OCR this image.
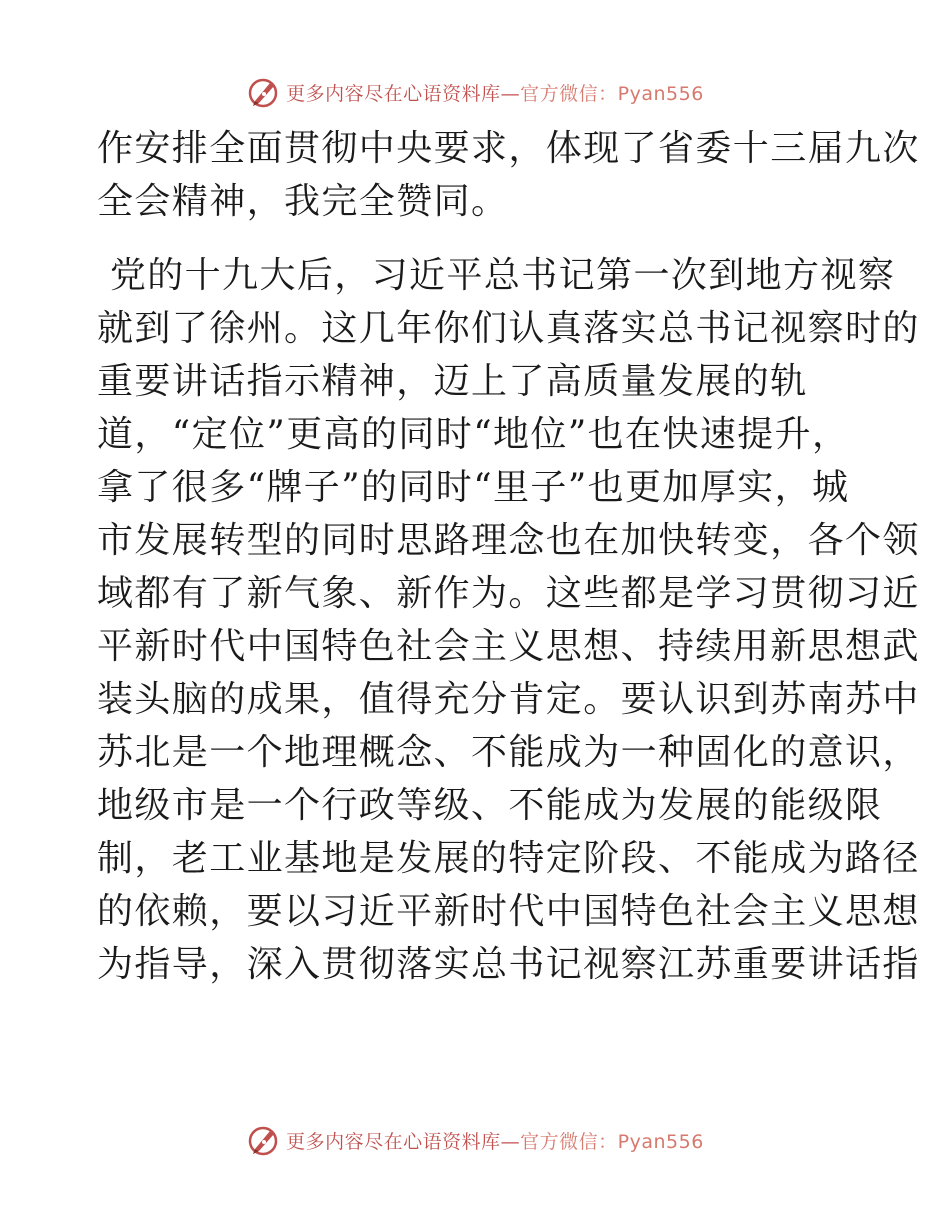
更多内容尽在心语资料库—官方微信：Pyan556
作安排全面贯彻中央要求，体现了省委十三届九次
全会精神，我完全赞同。
党的十九大后，习近平总书记第一次到地方视察
就到了徐州。这几年你们认真落实总书记视察时的
重要讲话指示精神，迈上了高质量发展的轨
道，“定位”更高的同时“地位”也在快速提升，
拿了很多“牌子”的同时“里子”也更加厚实，城
市发展转型的同时思路理念也在加快转变，各个领
域都有了新气象、新作为。这些都是学习贯彻习近
平新时代中国特色社会主义思想、持续用新思想武
装头脑的成果，值得充分肯定。要认识到苏南苏中
苏北是一个地理概念、不能成为一种固化的意识，
地级市是一个行政等级、不能成为发展的能级限
制，老工业基地是发展的特定阶段、不能成为路径
的依赖，要以习近平新时代中国特色社会主义思想
为指导，深入贯彻落实总书记视察江苏重要讲话指
更多内容尽在心语资料库—官方微信：Pyan556
